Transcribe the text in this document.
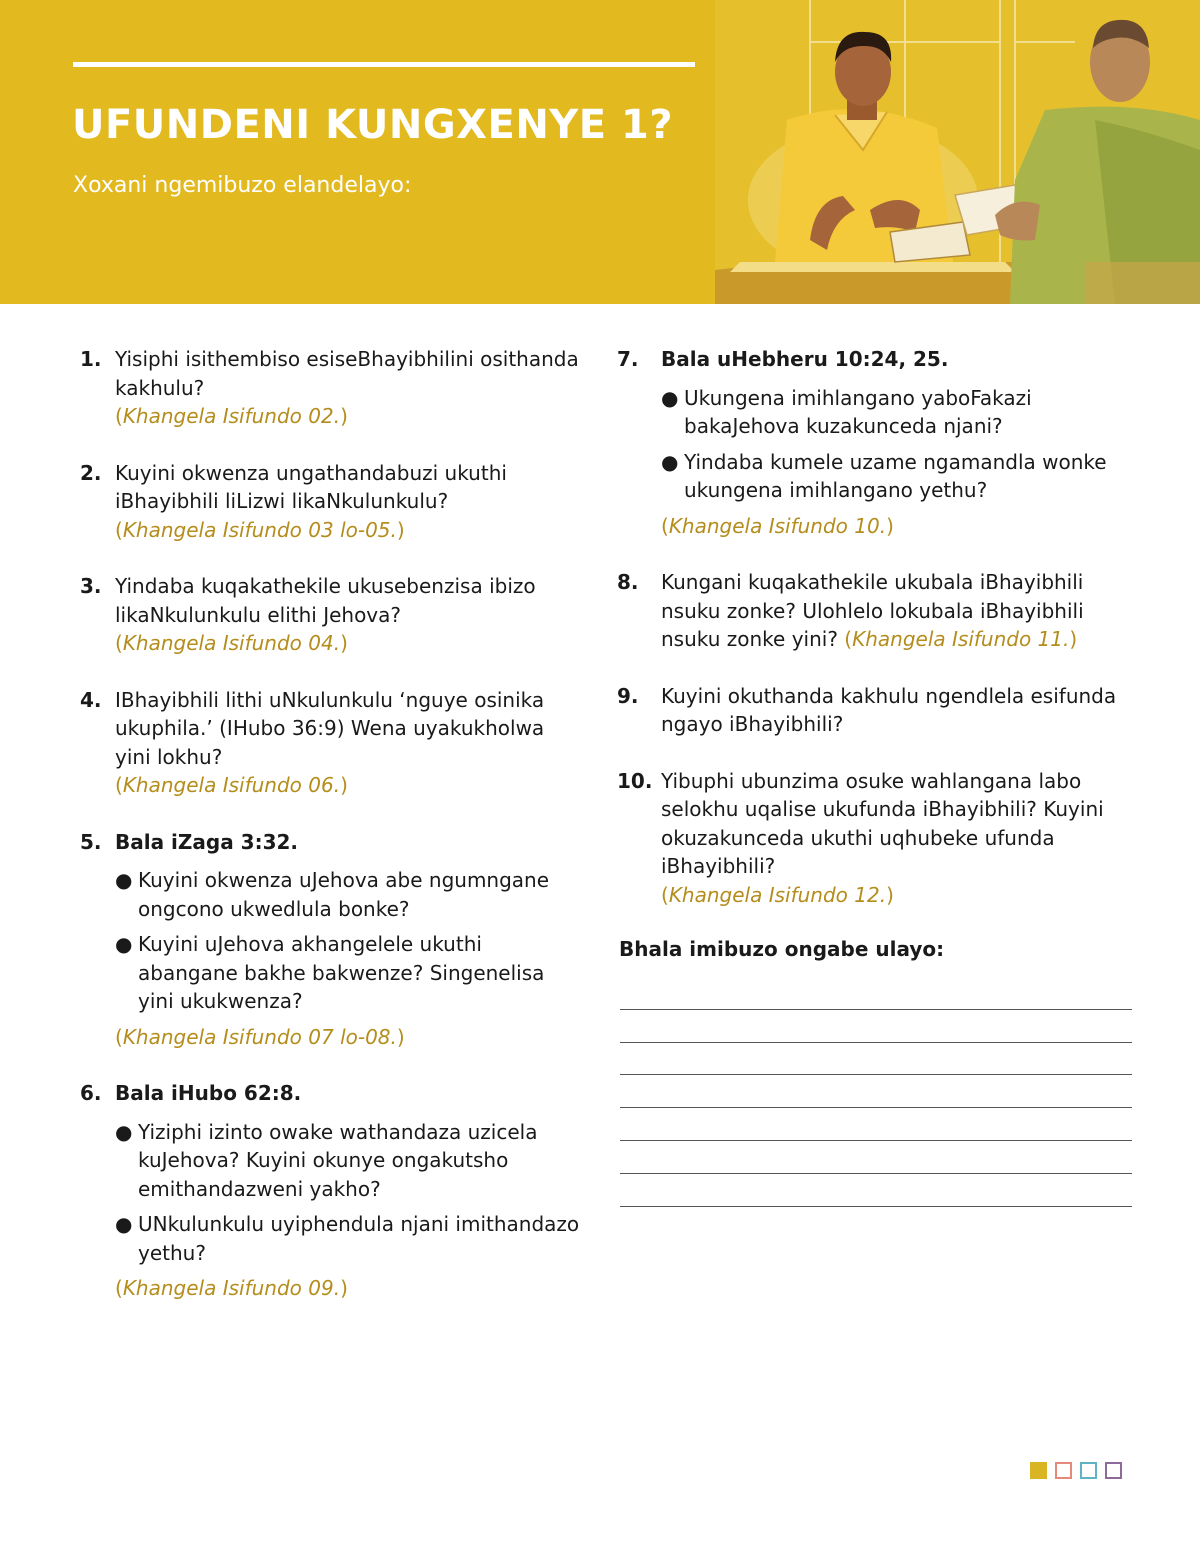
UFUNDENI KUNGXENYE 1?

Xoxani ngemibuzo elandelayo:

1. Yisiphi isithembiso esiseBhayibhilini osithanda kakhulu?
(Khangela Isifundo 02.)
2. Kuyini okwenza ungathandabuzi ukuthi iBhayibhili liLizwi likaNkulunkulu?
(Khangela Isifundo 03 lo-05.)
3. Yindaba kuqakathekile ukusebenzisa ibizo likaNkulunkulu elithi Jehova?
(Khangela Isifundo 04.)
4. IBhayibhili lithi uNkulunkulu ‘nguye osinika ukuphila.’ (IHubo 36:9) Wena uyakukholwa yini lokhu?
(Khangela Isifundo 06.)
5. Bala iZaga 3:32.
● Kuyini okwenza uJehova abe ngumngane ongcono ukwedlula bonke?
● Kuyini uJehova akhangelele ukuthi abangane bakhe bakwenze? Singenelisa yini ukukwenza?
(Khangela Isifundo 07 lo-08.)
6. Bala iHubo 62:8.
● Yiziphi izinto owake wathandaza uzicela kuJehova? Kuyini okunye ongakutsho emithandazweni yakho?
● UNkulunkulu uyiphendula njani imithandazo yethu?
(Khangela Isifundo 09.)
7.	Bala uHebheru 10:24, 25.
● Ukungena imihlangano yaboFakazi bakaJehova kuzakunceda njani?
● Yindaba kumele uzame ngamandla wonke ukungena imihlangano yethu?
(Khangela Isifundo 10.)
8.	Kungani kuqakathekile ukubala iBhayibhili nsuku zonke? Ulohlelo lokubala iBhayibhili nsuku zonke yini? (Khangela Isifundo 11.)
9.	Kuyini okuthanda kakhulu ngendlela esifunda ngayo iBhayibhili?
10. Yibuphi ubunzima osuke wahlangana labo selokhu uqalise ukufunda iBhayibhili? Kuyini okuzakunceda ukuthi uqhubeke ufunda iBhayibhili?
(Khangela Isifundo 12.)
Bhala imibuzo ongabe ulayo:
